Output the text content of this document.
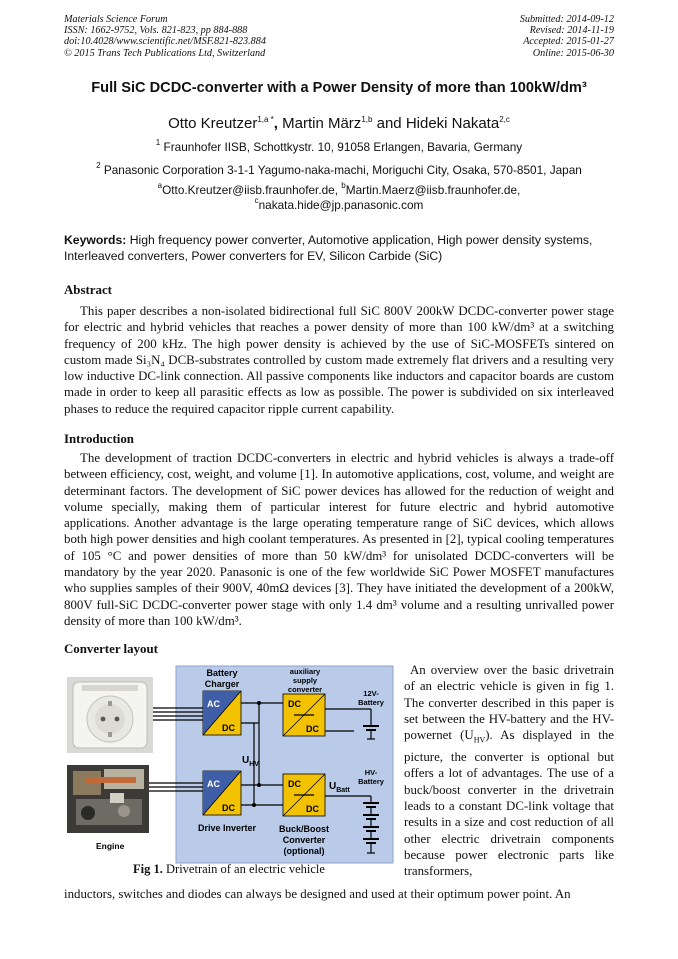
Materials Science Forum
ISSN: 1662-9752, Vols. 821-823, pp 884-888
doi:10.4028/www.scientific.net/MSF.821-823.884
© 2015 Trans Tech Publications Ltd, Switzerland
Submitted: 2014-09-12
Revised: 2014-11-19
Accepted: 2015-01-27
Online: 2015-06-30
Full SiC DCDC-converter with a Power Density of more than 100kW/dm³
Otto Kreutzer$^{1,a *}$, Martin März$^{1,b}$ and Hideki Nakata$^{2,c}$
$^1$ Fraunhofer IISB, Schottkystr. 10, 91058 Erlangen, Bavaria, Germany
$^2$ Panasonic Corporation 3-1-1 Yagumo-naka-machi, Moriguchi City, Osaka, 570-8501, Japan
$^a$Otto.Kreutzer@iisb.fraunhofer.de, $^b$Martin.Maerz@iisb.fraunhofer.de,
$^c$nakata.hide@jp.panasonic.com
Keywords: High frequency power converter, Automotive application, High power density systems, Interleaved converters, Power converters for EV, Silicon Carbide (SiC)
Abstract
This paper describes a non-isolated bidirectional full SiC 800V 200kW DCDC-converter power stage for electric and hybrid vehicles that reaches a power density of more than 100 kW/dm³ at a switching frequency of 200 kHz. The high power density is achieved by the use of SiC-MOSFETs sintered on custom made Si₃N₄ DCB-substrates controlled by custom made extremely flat drivers and a resulting very low inductive DC-link connection. All passive components like inductors and capacitor boards are custom made in order to keep all parasitic effects as low as possible. The power is subdivided on six interleaved phases to reduce the required capacitor ripple current capability.
Introduction
The development of traction DCDC-converters in electric and hybrid vehicles is always a trade-off between efficiency, cost, weight, and volume [1]. In automotive applications, cost, volume, and weight are determinant factors. The development of SiC power devices has allowed for the reduction of weight and volume specially, making them of particular interest for future electric and hybrid automotive applications. Another advantage is the large operating temperature range of SiC devices, which allows both high power densities and high coolant temperatures. As presented in [2], typical cooling temperatures of 105 °C and power densities of more than 50 kW/dm³ for unisolated DCDC-converters will be mandatory by the year 2020. Panasonic is one of the few worldwide SiC Power MOSFET manufactures who supplies samples of their 900V, 40mΩ devices [3]. They have initiated the development of a 200kW, 800V full-SiC DCDC-converter power stage with only 1.4 dm³ volume and a resulting unrivalled power density of more than 100 kW/dm³.
Converter layout
Engine
Battery
Charger
AC
DC
AC
DC
Drive Inverter
$U_{HV}$
auxiliary
supply
converter
DC
DC
DC
DC
Buck/Boost
Converter
(optional)
12V-
Battery
HV-
Battery
$U_{Batt}$
Fig 1. Drivetrain of an electric vehicle
An overview over the basic drivetrain of an electric vehicle is given in fig 1. The converter described in this paper is set between the HV-battery and the HV-powernet $(U_{HV})$. As displayed in the picture, the converter is optional but offers a lot of advantages. The use of a buck/boost converter in the drivetrain leads to a constant DC-link voltage that results in a size and cost reduction of all other electric drivetrain components because power electronic parts like transformers,
inductors, switches and diodes can always be designed and used at their optimum power point. An
